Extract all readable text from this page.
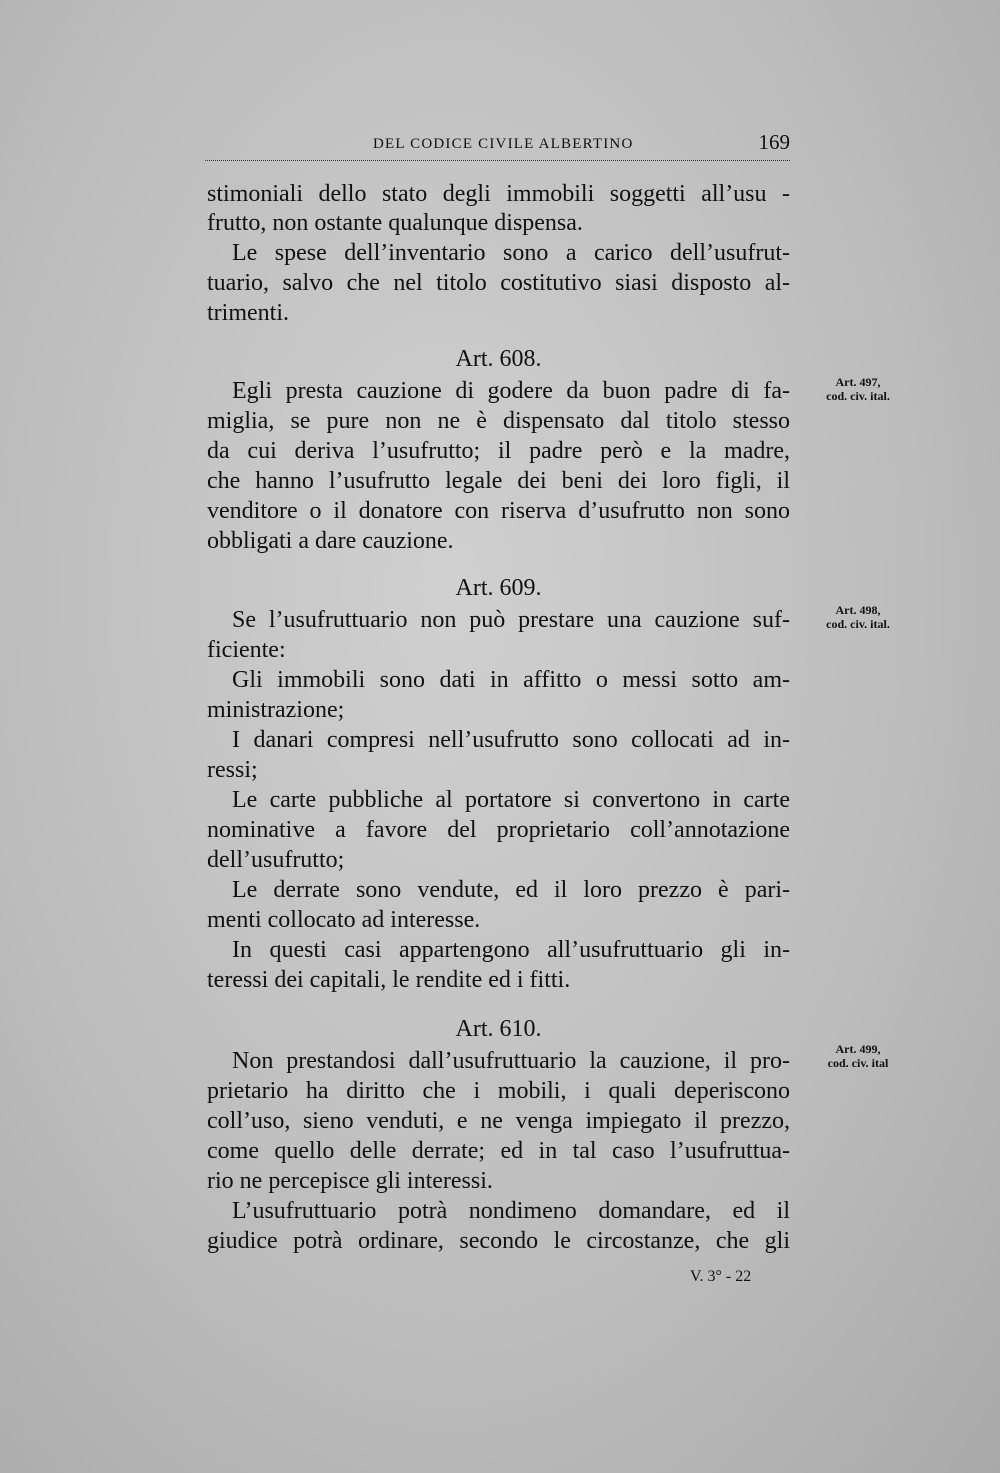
DEL CODICE CIVILE ALBERTINO	169
stimoniali dello stato degli immobili soggetti all’usu -
frutto, non ostante qualunque dispensa.
Le spese dell’inventario sono a carico dell’usufrut-
tuario, salvo che nel titolo costitutivo siasi disposto al-
trimenti.
Art. 608.
Art. 497,
cod. civ. ital.
Egli presta cauzione di godere da buon padre di fa-
miglia, se pure non ne è dispensato dal titolo stesso
da cui deriva l’usufrutto; il padre però e la madre,
che hanno l’usufrutto legale dei beni dei loro figli, il
venditore o il donatore con riserva d’usufrutto non sono
obbligati a dare cauzione.
Art. 609.
Art. 498,
cod. civ. ital.
Se l’usufruttuario non può prestare una cauzione suf-
ficiente:
Gli immobili sono dati in affitto o messi sotto am-
ministrazione;
I danari compresi nell’usufrutto sono collocati ad in-
ressi;
Le carte pubbliche al portatore si convertono in carte
nominative a favore del proprietario coll’annotazione
dell’usufrutto;
Le derrate sono vendute, ed il loro prezzo è pari-
menti collocato ad interesse.
In questi casi appartengono all’usufruttuario gli in-
teressi dei capitali, le rendite ed i fitti.
Art. 610.
Art. 499,
cod. civ. ital
Non prestandosi dall’usufruttuario la cauzione, il pro-
prietario ha diritto che i mobili, i quali deperiscono
coll’uso, sieno venduti, e ne venga impiegato il prezzo,
come quello delle derrate; ed in tal caso l’usufruttua-
rio ne percepisce gli interessi.
L’usufruttuario potrà nondimeno domandare, ed il
giudice potrà ordinare, secondo le circostanze, che gli
V. 3° - 22
